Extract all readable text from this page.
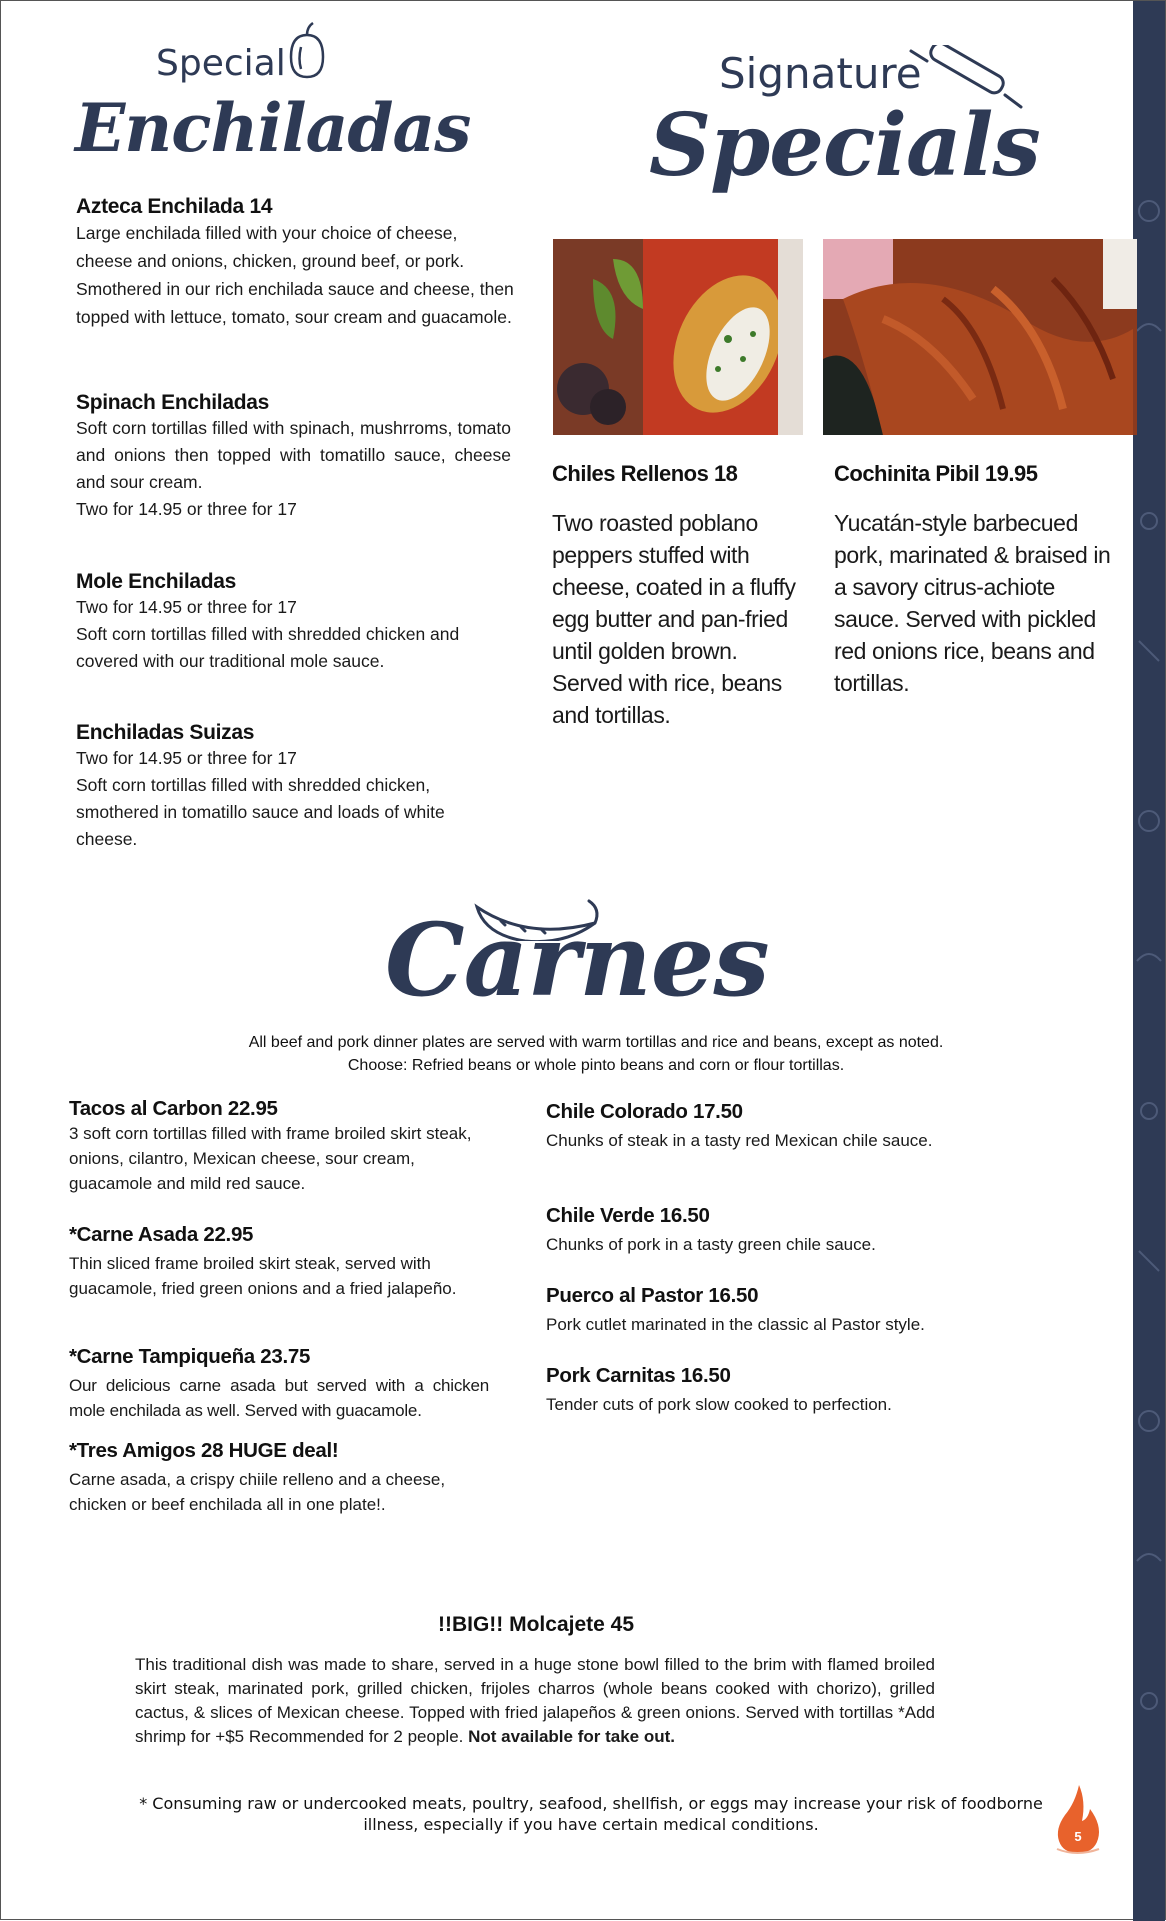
Special
Enchiladas
Signature
Specials
Azteca Enchilada 14

Large enchilada filled with your choice of cheese, cheese and onions, chicken, ground beef, or pork. Smothered in our rich enchilada sauce and cheese, then topped with lettuce, tomato, sour cream and guacamole.

Spinach Enchiladas

Soft corn tortillas filled with spinach, mushrroms, tomato and onions then topped with tomatillo sauce, cheese and sour cream.

Two for 14.95 or three for 17

Mole Enchiladas

Two for 14.95 or three for 17

Soft corn tortillas filled with shredded chicken and covered with our traditional mole sauce.

Enchiladas Suizas

Two for 14.95 or three for 17

Soft corn tortillas filled with shredded chicken, smothered in tomatillo sauce and loads of white cheese.

Chiles Rellenos 18

Two roasted poblano peppers stuffed with cheese, coated in a fluffy egg butter and pan-fried until golden brown. Served with rice, beans and tortillas.

Cochinita Pibil 19.95

Yucatán-style barbecued pork, marinated & braised in a savory citrus-achiote sauce. Served with pickled red onions rice, beans and tortillas.

Carnes
All beef and pork dinner plates are served with warm tortillas and rice and beans, except as noted.
Choose: Refried beans or whole pinto beans and corn or flour tortillas.
Tacos al Carbon 22.95

3 soft corn tortillas filled with frame broiled skirt steak, onions, cilantro, Mexican cheese, sour cream, guacamole and mild red sauce.

*Carne Asada 22.95

Thin sliced frame broiled skirt steak, served with guacamole, fried green onions and a fried jalapeño.

*Carne Tampiqueña 23.75

Our delicious carne asada but served with a chicken mole enchilada as well. Served with guacamole.

*Tres Amigos 28 HUGE deal!

Carne asada, a crispy chiile relleno and a cheese, chicken or beef enchilada all in one plate!.

Chile Colorado 17.50

Chunks of steak in a tasty red Mexican chile sauce.

Chile Verde 16.50

Chunks of pork in a tasty green chile sauce.

Puerco al Pastor 16.50

Pork cutlet marinated in the classic al Pastor style.

Pork Carnitas 16.50

Tender cuts of pork slow cooked to perfection.

!!BIG!! Molcajete 45
This traditional dish was made to share, served in a huge stone bowl filled to the brim with flamed broiled skirt steak, marinated pork, grilled chicken, frijoles charros (whole beans cooked with chorizo), grilled cactus, & slices of Mexican cheese. Topped with fried jalapeños & green onions. Served with tortillas *Add shrimp for +$5 Recommended for 2 people. Not available for take out.
* Consuming raw or undercooked meats, poultry, seafood, shellfish, or eggs may increase your risk of foodborne illness, especially if you have certain medical conditions.
5
